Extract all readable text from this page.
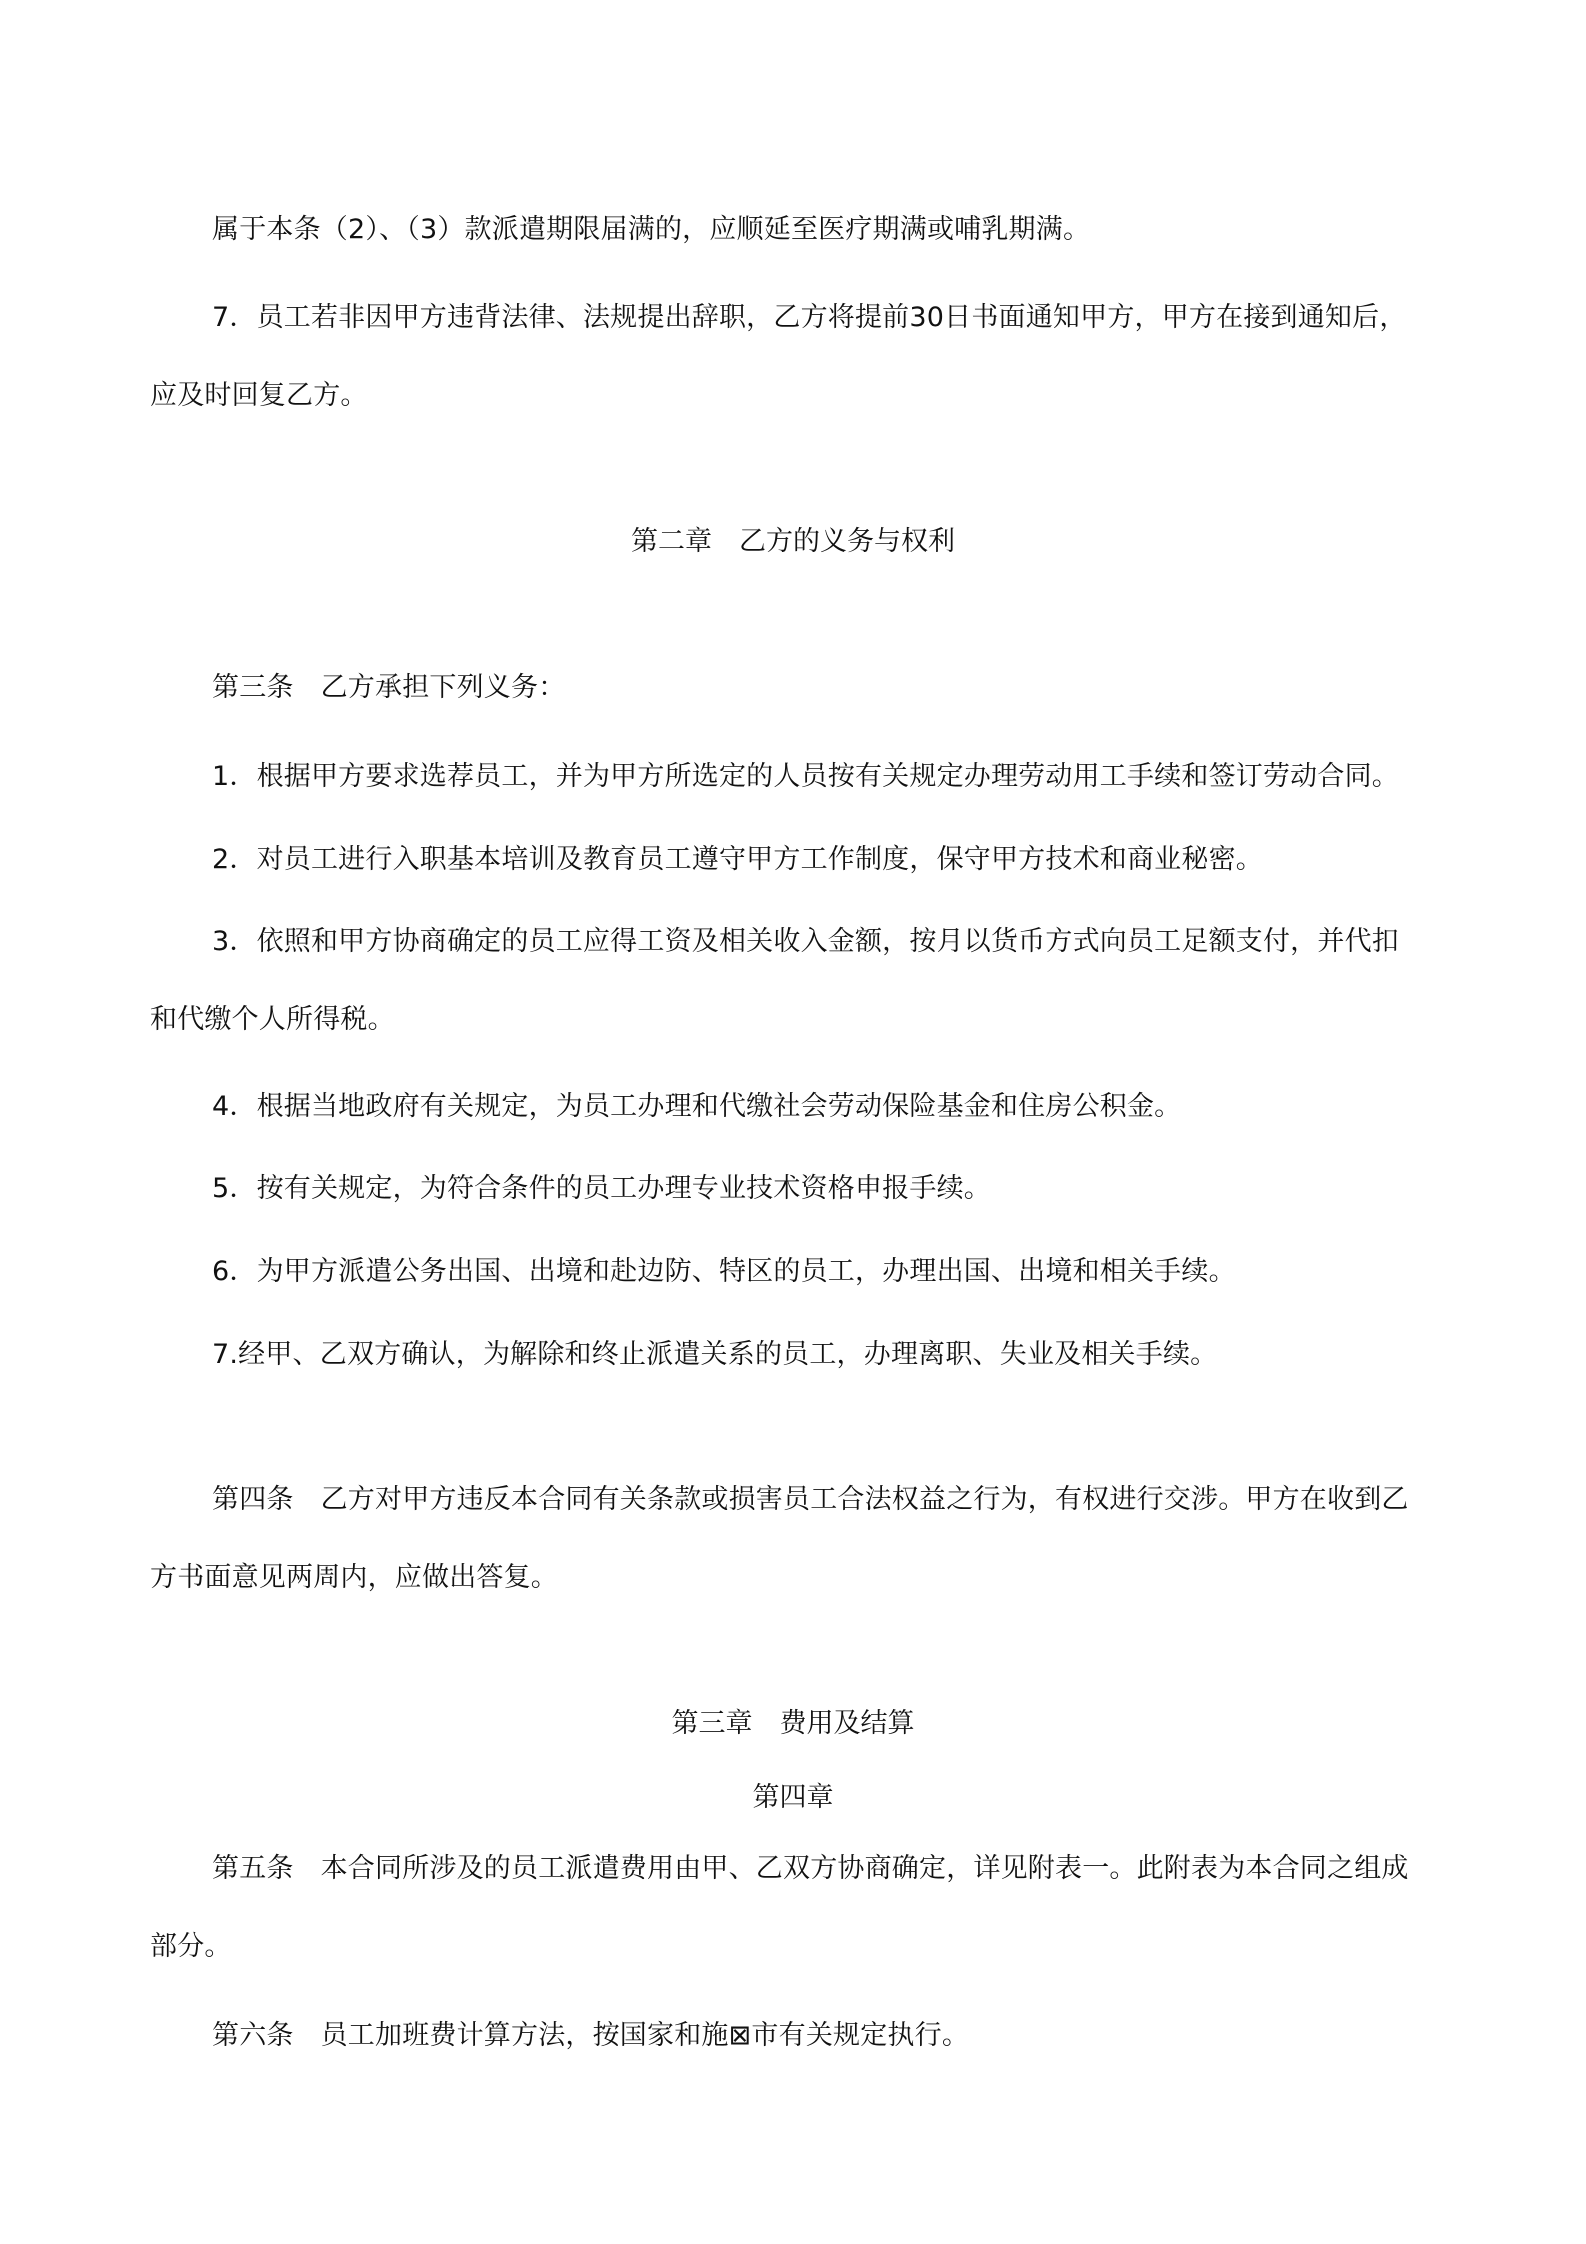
属于本条（2）、（3）款派遣期限届满的，应顺延至医疗期满或哺乳期满。
7．员工若非因甲方违背法律、法规提出辞职，乙方将提前30日书面通知甲方，甲方在接到通知后，
应及时回复乙方。
第二章 乙方的义务与权利
第三条 乙方承担下列义务：
1．根据甲方要求选荐员工，并为甲方所选定的人员按有关规定办理劳动用工手续和签订劳动合同。
2．对员工进行入职基本培训及教育员工遵守甲方工作制度，保守甲方技术和商业秘密。
3．依照和甲方协商确定的员工应得工资及相关收入金额，按月以货币方式向员工足额支付，并代扣
和代缴个人所得税。
4．根据当地政府有关规定，为员工办理和代缴社会劳动保险基金和住房公积金。
5．按有关规定，为符合条件的员工办理专业技术资格申报手续。
6．为甲方派遣公务出国、出境和赴边防、特区的员工，办理出国、出境和相关手续。
7.经甲、乙双方确认，为解除和终止派遣关系的员工，办理离职、失业及相关手续。
第四条 乙方对甲方违反本合同有关条款或损害员工合法权益之行为，有权进行交涉。甲方在收到乙
方书面意见两周内，应做出答复。
第三章 费用及结算
第四章
第五条 本合同所涉及的员工派遣费用由甲、乙双方协商确定，详见附表一。此附表为本合同之组成
部分。
第六条 员工加班费计算方法，按国家和施⊠市有关规定执行。
